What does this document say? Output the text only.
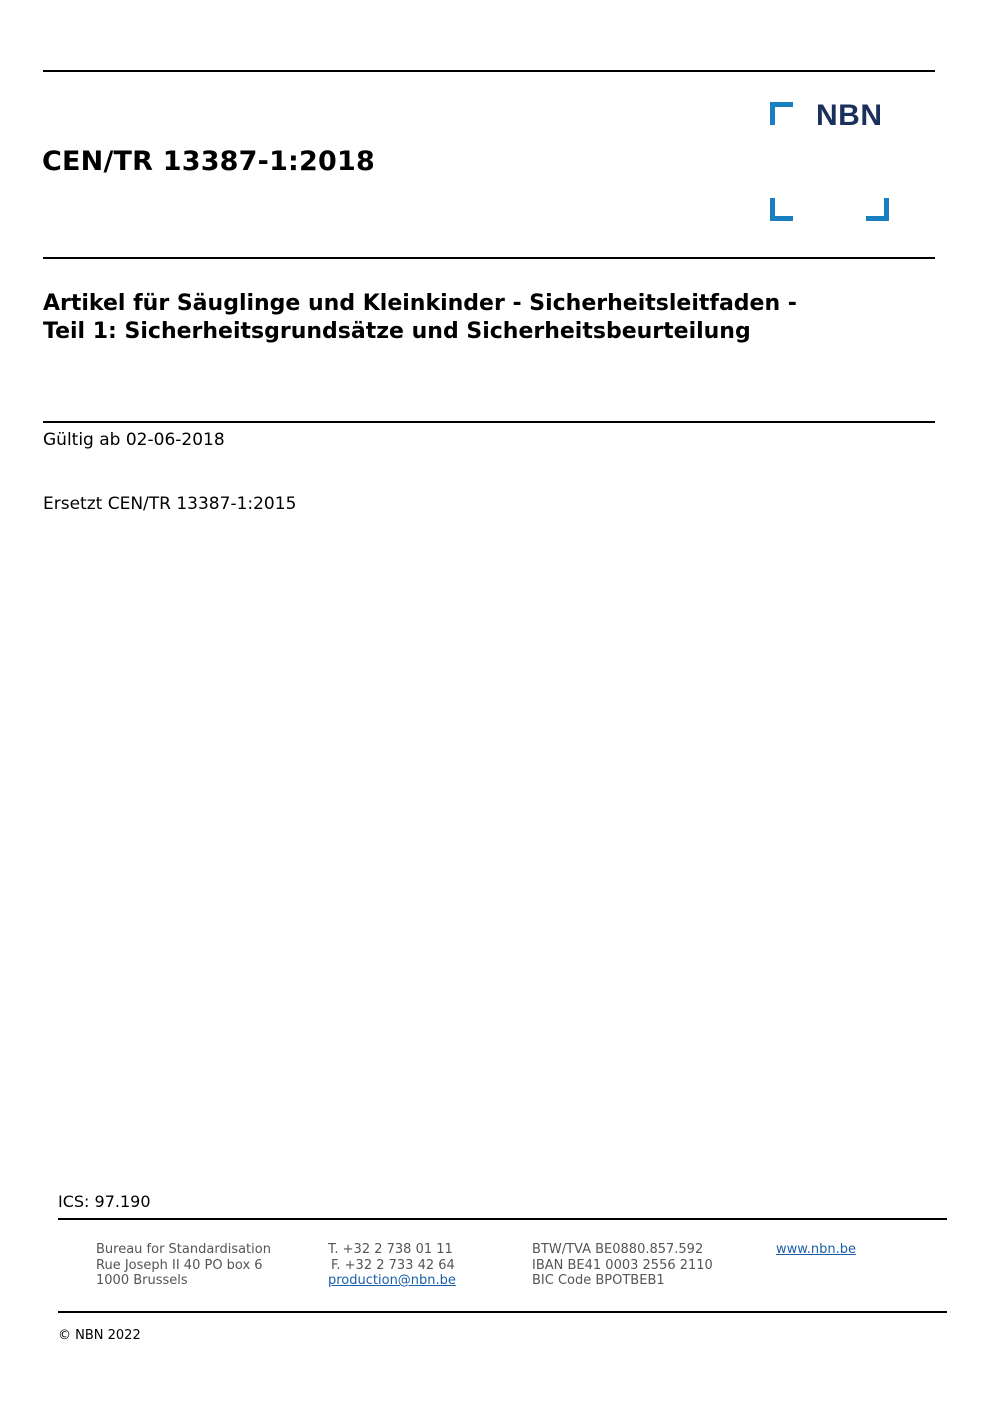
CEN/TR 13387-1:2018
NBN
Artikel für Säuglinge und Kleinkinder - Sicherheitsleitfaden -
Teil 1: Sicherheitsgrundsätze und Sicherheitsbeurteilung
Gültig ab 02-06-2018
Ersetzt CEN/TR 13387-1:2015
ICS: 97.190
Bureau for Standardisation
Rue Joseph II 40 PO box 6
1000 Brussels
T. +32 2 738 01 11
F. +32 2 733 42 64
production@nbn.be
BTW/TVA BE0880.857.592
IBAN BE41 0003 2556 2110
BIC Code BPOTBEB1
www.nbn.be
© NBN 2022
